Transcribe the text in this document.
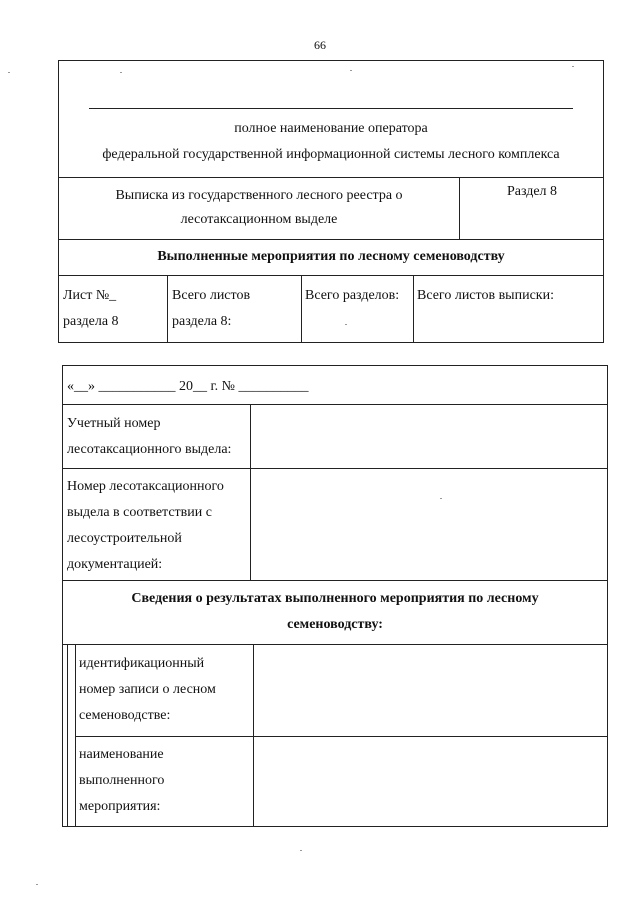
66
полное наименование оператора
федеральной государственной информационной системы лесного комплекса
Выписка из государственного лесного реестра о
лесотаксационном выделе
Раздел 8
Выполненные мероприятия по лесному семеноводству
Лист №_
раздела 8
Всего листов
раздела 8:
Всего разделов: Всего листов выписки:
«__» ___________ 20__ г. № __________
Учетный номер
лесотаксационного выдела:
Номер лесотаксационного
выдела в соответствии с
лесоустроительной
документацией:
Сведения о результатах выполненного мероприятия по лесному
семеноводству:
идентификационный
номер записи о лесном
семеноводстве:
наименование
выполненного
мероприятия:
